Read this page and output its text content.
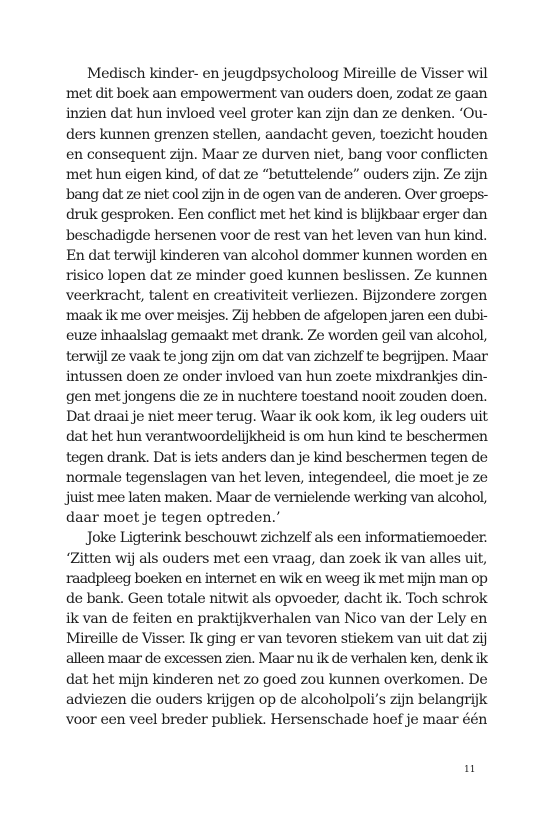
Medisch kinder- en jeugdpsycholoog Mireille de Visser wil
met dit boek aan empowerment van ouders doen, zodat ze gaan
inzien dat hun invloed veel groter kan zijn dan ze denken. ‘Ou-
ders kunnen grenzen stellen, aandacht geven, toezicht houden
en consequent zijn. Maar ze durven niet, bang voor conflicten
met hun eigen kind, of dat ze “betuttelende” ouders zijn. Ze zijn
bang dat ze niet cool zijn in de ogen van de anderen. Over groeps-
druk gesproken. Een conflict met het kind is blijkbaar erger dan
beschadigde hersenen voor de rest van het leven van hun kind.
En dat terwijl kinderen van alcohol dommer kunnen worden en
risico lopen dat ze minder goed kunnen beslissen. Ze kunnen
veerkracht, talent en creativiteit verliezen. Bijzondere zorgen
maak ik me over meisjes. Zij hebben de afgelopen jaren een dubi-
euze inhaalslag gemaakt met drank. Ze worden geil van alcohol,
terwijl ze vaak te jong zijn om dat van zichzelf te begrijpen. Maar
intussen doen ze onder invloed van hun zoete mixdrankjes din-
gen met jongens die ze in nuchtere toestand nooit zouden doen.
Dat draai je niet meer terug. Waar ik ook kom, ik leg ouders uit
dat het hun verantwoordelijkheid is om hun kind te beschermen
tegen drank. Dat is iets anders dan je kind beschermen tegen de
normale tegenslagen van het leven, integendeel, die moet je ze
juist mee laten maken. Maar de vernielende werking van alcohol,
daar moet je tegen optreden.’
Joke Ligterink beschouwt zichzelf als een informatiemoeder.
‘Zitten wij als ouders met een vraag, dan zoek ik van alles uit,
raadpleeg boeken en internet en wik en weeg ik met mijn man op
de bank. Geen totale nitwit als opvoeder, dacht ik. Toch schrok
ik van de feiten en praktijkverhalen van Nico van der Lely en
Mireille de Visser. Ik ging er van tevoren stiekem van uit dat zij
alleen maar de excessen zien. Maar nu ik de verhalen ken, denk ik
dat het mijn kinderen net zo goed zou kunnen overkomen. De
adviezen die ouders krijgen op de alcoholpoli’s zijn belangrijk
voor een veel breder publiek. Hersenschade hoef je maar één
11
